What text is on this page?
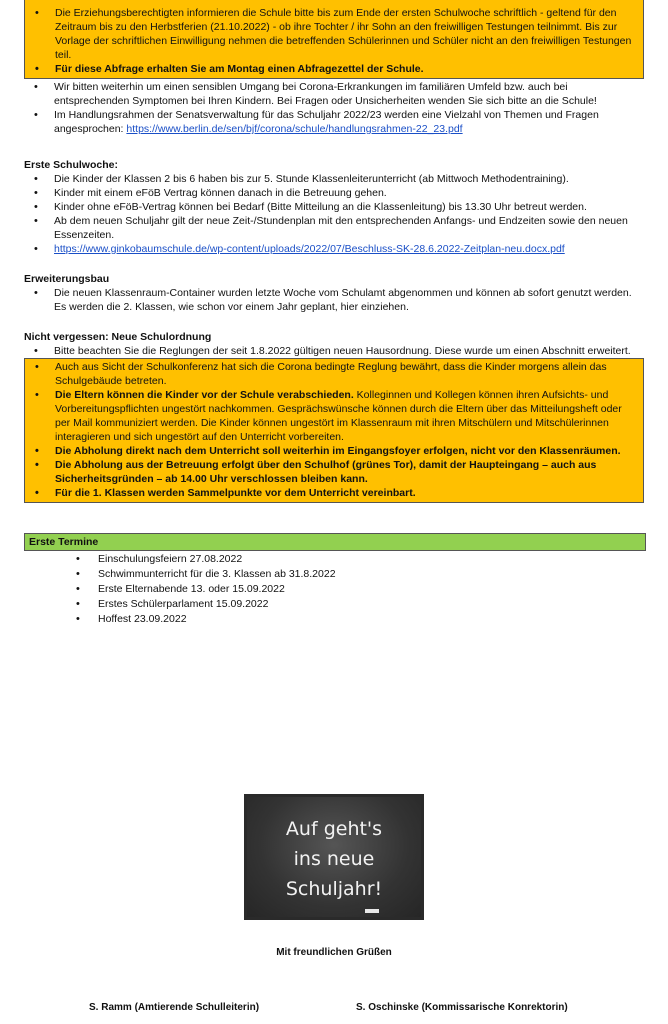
• Die Erziehungsberechtigten informieren die Schule bitte bis zum Ende der ersten Schulwoche schriftlich - geltend für den Zeitraum bis zu den Herbstferien (21.10.2022) - ob ihre Tochter / ihr Sohn an den freiwilligen Testungen teilnimmt. Bis zur Vorlage der schriftlichen Einwilligung nehmen die betreffenden Schülerinnen und Schüler nicht an den freiwilligen Testungen teil.
• Für diese Abfrage erhalten Sie am Montag einen Abfragezettel der Schule.
• Wir bitten weiterhin um einen sensiblen Umgang bei Corona-Erkrankungen im familiären Umfeld bzw. auch bei entsprechenden Symptomen bei Ihren Kindern. Bei Fragen oder Unsicherheiten wenden Sie sich bitte an die Schule!
• Im Handlungsrahmen der Senatsverwaltung für das Schuljahr 2022/23 werden eine Vielzahl von Themen und Fragen angesprochen: https://www.berlin.de/sen/bjf/corona/schule/handlungsrahmen-22_23.pdf
Erste Schulwoche:
• Die Kinder der Klassen 2 bis 6 haben bis zur 5. Stunde Klassenleiterunterricht (ab Mittwoch Methodentraining).
• Kinder mit einem eFöB Vertrag können danach in die Betreuung gehen.
• Kinder ohne eFöB-Vertrag können bei Bedarf (Bitte Mitteilung an die Klassenleitung) bis 13.30 Uhr betreut werden.
• Ab dem neuen Schuljahr gilt der neue Zeit-/Stundenplan mit den entsprechenden Anfangs- und Endzeiten sowie den neuen Essenzeiten.
• https://www.ginkobaumschule.de/wp-content/uploads/2022/07/Beschluss-SK-28.6.2022-Zeitplan-neu.docx.pdf
Erweiterungsbau
• Die neuen Klassenraum-Container wurden letzte Woche vom Schulamt abgenommen und können ab sofort genutzt werden. Es werden die 2. Klassen, wie schon vor einem Jahr geplant, hier einziehen.
Nicht vergessen: Neue Schulordnung
• Bitte beachten Sie die Reglungen der seit 1.8.2022 gültigen neuen Hausordnung. Diese wurde um einen Abschnitt erweitert.
• Auch aus Sicht der Schulkonferenz hat sich die Corona bedingte Reglung bewährt, dass die Kinder morgens allein das Schulgebäude betreten.
• Die Eltern können die Kinder vor der Schule verabschieden. Kolleginnen und Kollegen können ihren Aufsichts- und Vorbereitungspflichten ungestört nachkommen. Gesprächswünsche können durch die Eltern über das Mitteilungsheft oder per Mail kommuniziert werden. Die Kinder können ungestört im Klassenraum mit ihren Mitschülern und Mitschülerinnen interagieren und sich ungestört auf den Unterricht vorbereiten.
• Die Abholung direkt nach dem Unterricht soll weiterhin im Eingangsfoyer erfolgen, nicht vor den Klassenräumen.
• Die Abholung aus der Betreuung erfolgt über den Schulhof (grünes Tor), damit der Haupteingang – auch aus Sicherheitsgründen – ab 14.00 Uhr verschlossen bleiben kann.
• Für die 1. Klassen werden Sammelpunkte vor dem Unterricht vereinbart.
Erste Termine
• Einschulungsfeiern 27.08.2022
• Schwimmunterricht für die 3. Klassen ab 31.8.2022
• Erste Elternabende 13. oder 15.09.2022
• Erstes Schülerparlament 15.09.2022
• Hoffest 23.09.2022
Auf geht's
ins neue
Schuljahr!
Mit freundlichen Grüßen
S. Ramm (Amtierende Schulleiterin)	S. Oschinske (Kommissarische Konrektorin)
